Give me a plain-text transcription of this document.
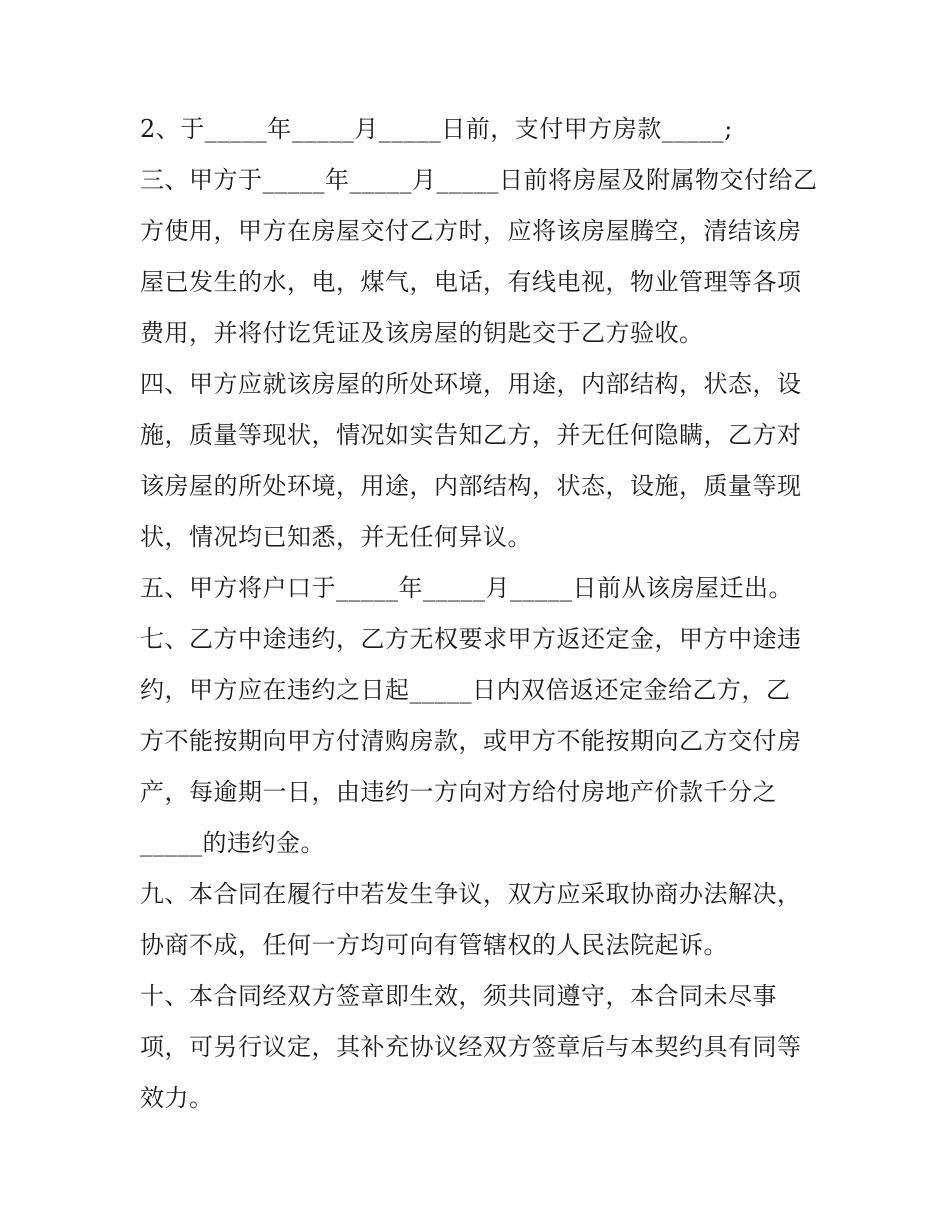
2、于_____年_____月_____日前，支付甲方房款_____;
三、甲方于_____年_____月_____日前将房屋及附属物交付给乙
方使用，甲方在房屋交付乙方时，应将该房屋腾空，清结该房
屋已发生的水，电，煤气，电话，有线电视，物业管理等各项
费用，并将付讫凭证及该房屋的钥匙交于乙方验收。
四、甲方应就该房屋的所处环境，用途，内部结构，状态，设
施，质量等现状，情况如实告知乙方，并无任何隐瞒，乙方对
该房屋的所处环境，用途，内部结构，状态，设施，质量等现
状，情况均已知悉，并无任何异议。
五、甲方将户口于_____年_____月_____日前从该房屋迁出。
七、乙方中途违约，乙方无权要求甲方返还定金，甲方中途违
约，甲方应在违约之日起_____日内双倍返还定金给乙方，乙
方不能按期向甲方付清购房款，或甲方不能按期向乙方交付房
产，每逾期一日，由违约一方向对方给付房地产价款千分之
_____的违约金。
九、本合同在履行中若发生争议，双方应采取协商办法解决，
协商不成，任何一方均可向有管辖权的人民法院起诉。
十、本合同经双方签章即生效，须共同遵守，本合同未尽事
项，可另行议定，其补充协议经双方签章后与本契约具有同等
效力。
